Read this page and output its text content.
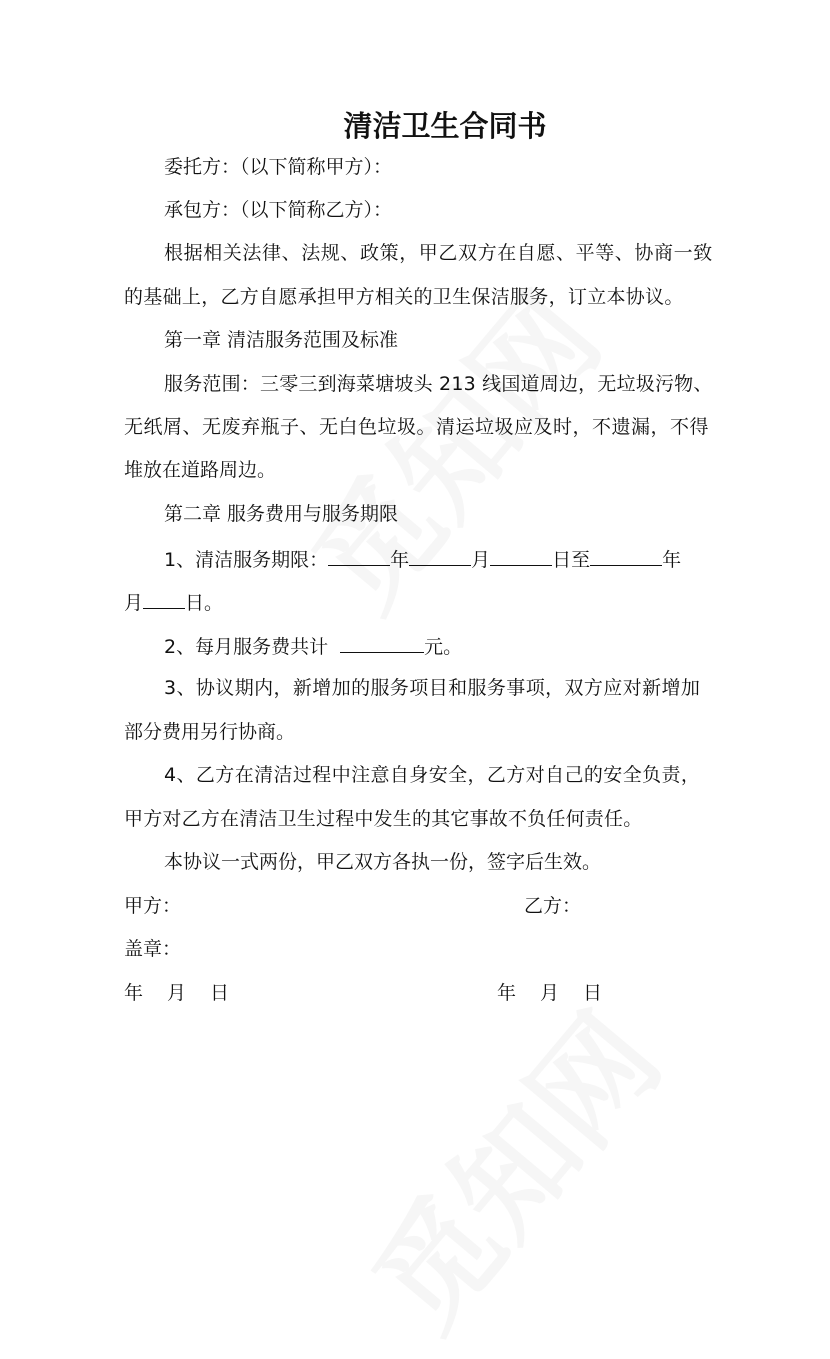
清洁卫生合同书
委托方：（以下简称甲方）：
承包方：（以下简称乙方）：
根据相关法律、法规、政策，甲乙双方在自愿、平等、协商一致
的基础上，乙方自愿承担甲方相关的卫生保洁服务，订立本协议。
第一章 清洁服务范围及标准
服务范围：三零三到海菜塘坡头 213 线国道周边，无垃圾污物、
无纸屑、无废弃瓶子、无白色垃圾。清运垃圾应及时，不遗漏，不得
堆放在道路周边。
第二章 服务费用与服务期限
1、清洁服务期限：	年	月	日至	年
月 日。
2、每月服务费共计	元。
3、协议期内，新增加的服务项目和服务事项，双方应对新增加
部分费用另行协商。
4、乙方在清洁过程中注意自身安全，乙方对自己的安全负责，
甲方对乙方在清洁卫生过程中发生的其它事故不负任何责任。
本协议一式两份，甲乙双方各执一份，签字后生效。
甲方：	乙方：
盖章：
年 月 日	年 月 日
